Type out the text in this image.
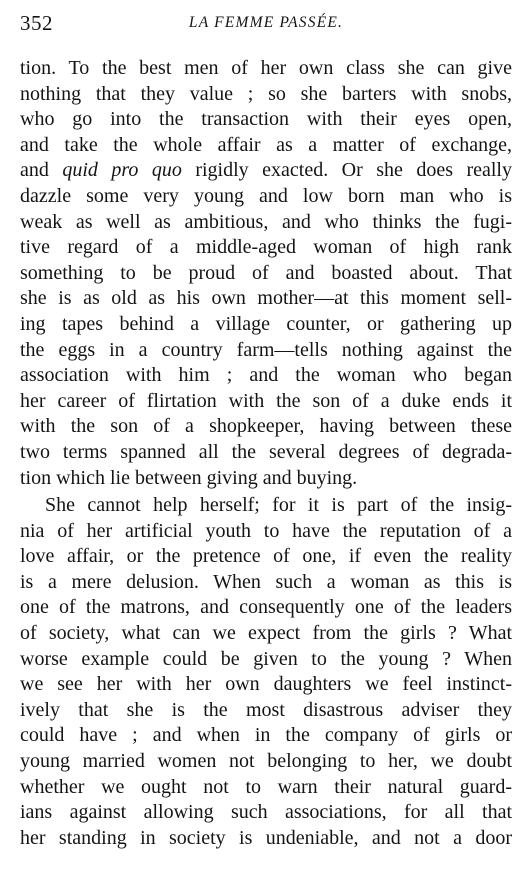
352	LA FEMME PASSÉE.
tion. To the best men of her own class she can give
nothing that they value ; so she barters with snobs,
who go into the transaction with their eyes open,
and take the whole affair as a matter of exchange,
and quid pro quo rigidly exacted. Or she does really
dazzle some very young and low born man who is
weak as well as ambitious, and who thinks the fugi-
tive regard of a middle-aged woman of high rank
something to be proud of and boasted about. That
she is as old as his own mother—at this moment sell-
ing tapes behind a village counter, or gathering up
the eggs in a country farm—tells nothing against the
association with him ; and the woman who began
her career of flirtation with the son of a duke ends it
with the son of a shopkeeper, having between these
two terms spanned all the several degrees of degrada-
tion which lie between giving and buying.
She cannot help herself; for it is part of the insig-
nia of her artificial youth to have the reputation of a
love affair, or the pretence of one, if even the reality
is a mere delusion. When such a woman as this is
one of the matrons, and consequently one of the leaders
of society, what can we expect from the girls ? What
worse example could be given to the young ? When
we see her with her own daughters we feel instinct-
ively that she is the most disastrous adviser they
could have ; and when in the company of girls or
young married women not belonging to her, we doubt
whether we ought not to warn their natural guard-
ians against allowing such associations, for all that
her standing in society is undeniable, and not a door
